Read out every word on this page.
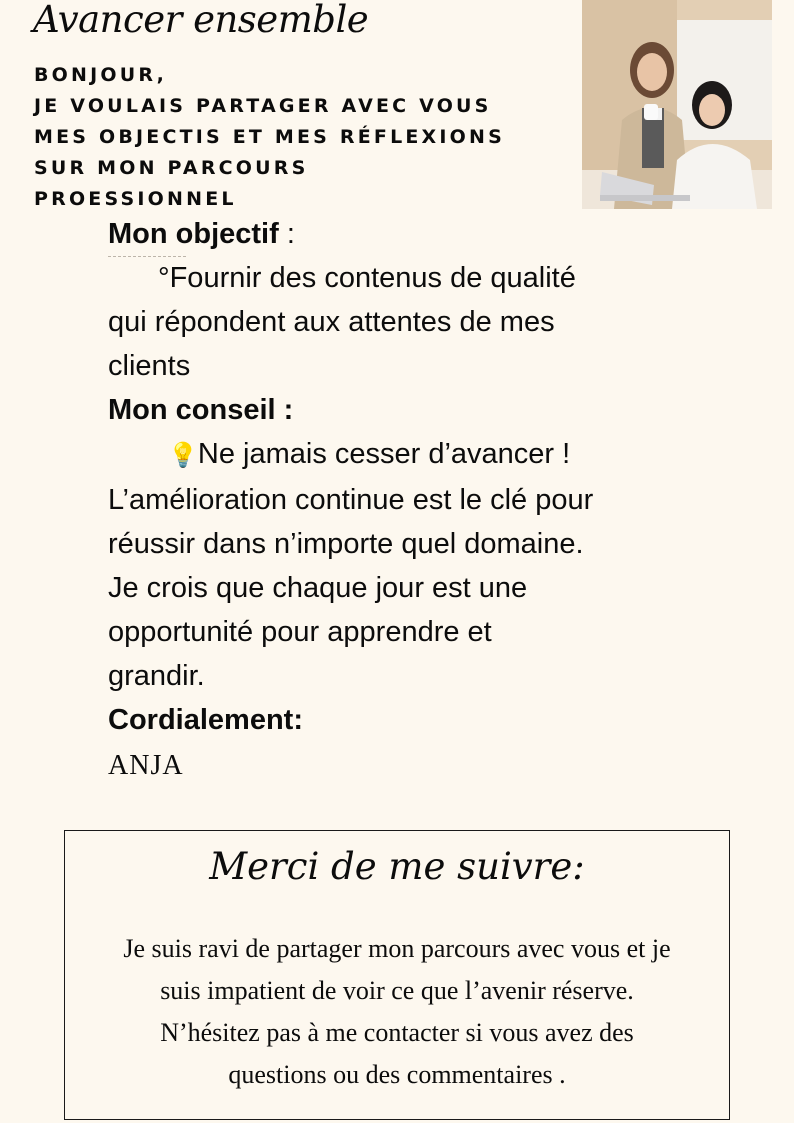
Avancer ensemble
BONJOUR,
JE VOULAIS PARTAGER AVEC VOUS
MES OBJECTIS ET MES RÉFLEXIONS
SUR MON PARCOURS
PROESSIONNEL
Mon objectif :
°Fournir des contenus de qualité
qui répondent aux attentes de mes
clients
Mon conseil :
💡Ne jamais cesser d’avancer !
L’amélioration continue est le clé pour
réussir dans n’importe quel domaine.
Je crois que chaque jour est une
opportunité pour apprendre et
grandir.
Cordialement:
ANJA
Merci de me suivre:
Je suis ravi de partager mon parcours avec vous et je
suis impatient de voir ce que l’avenir réserve.
N’hésitez pas à me contacter si vous avez des
questions ou des commentaires .
